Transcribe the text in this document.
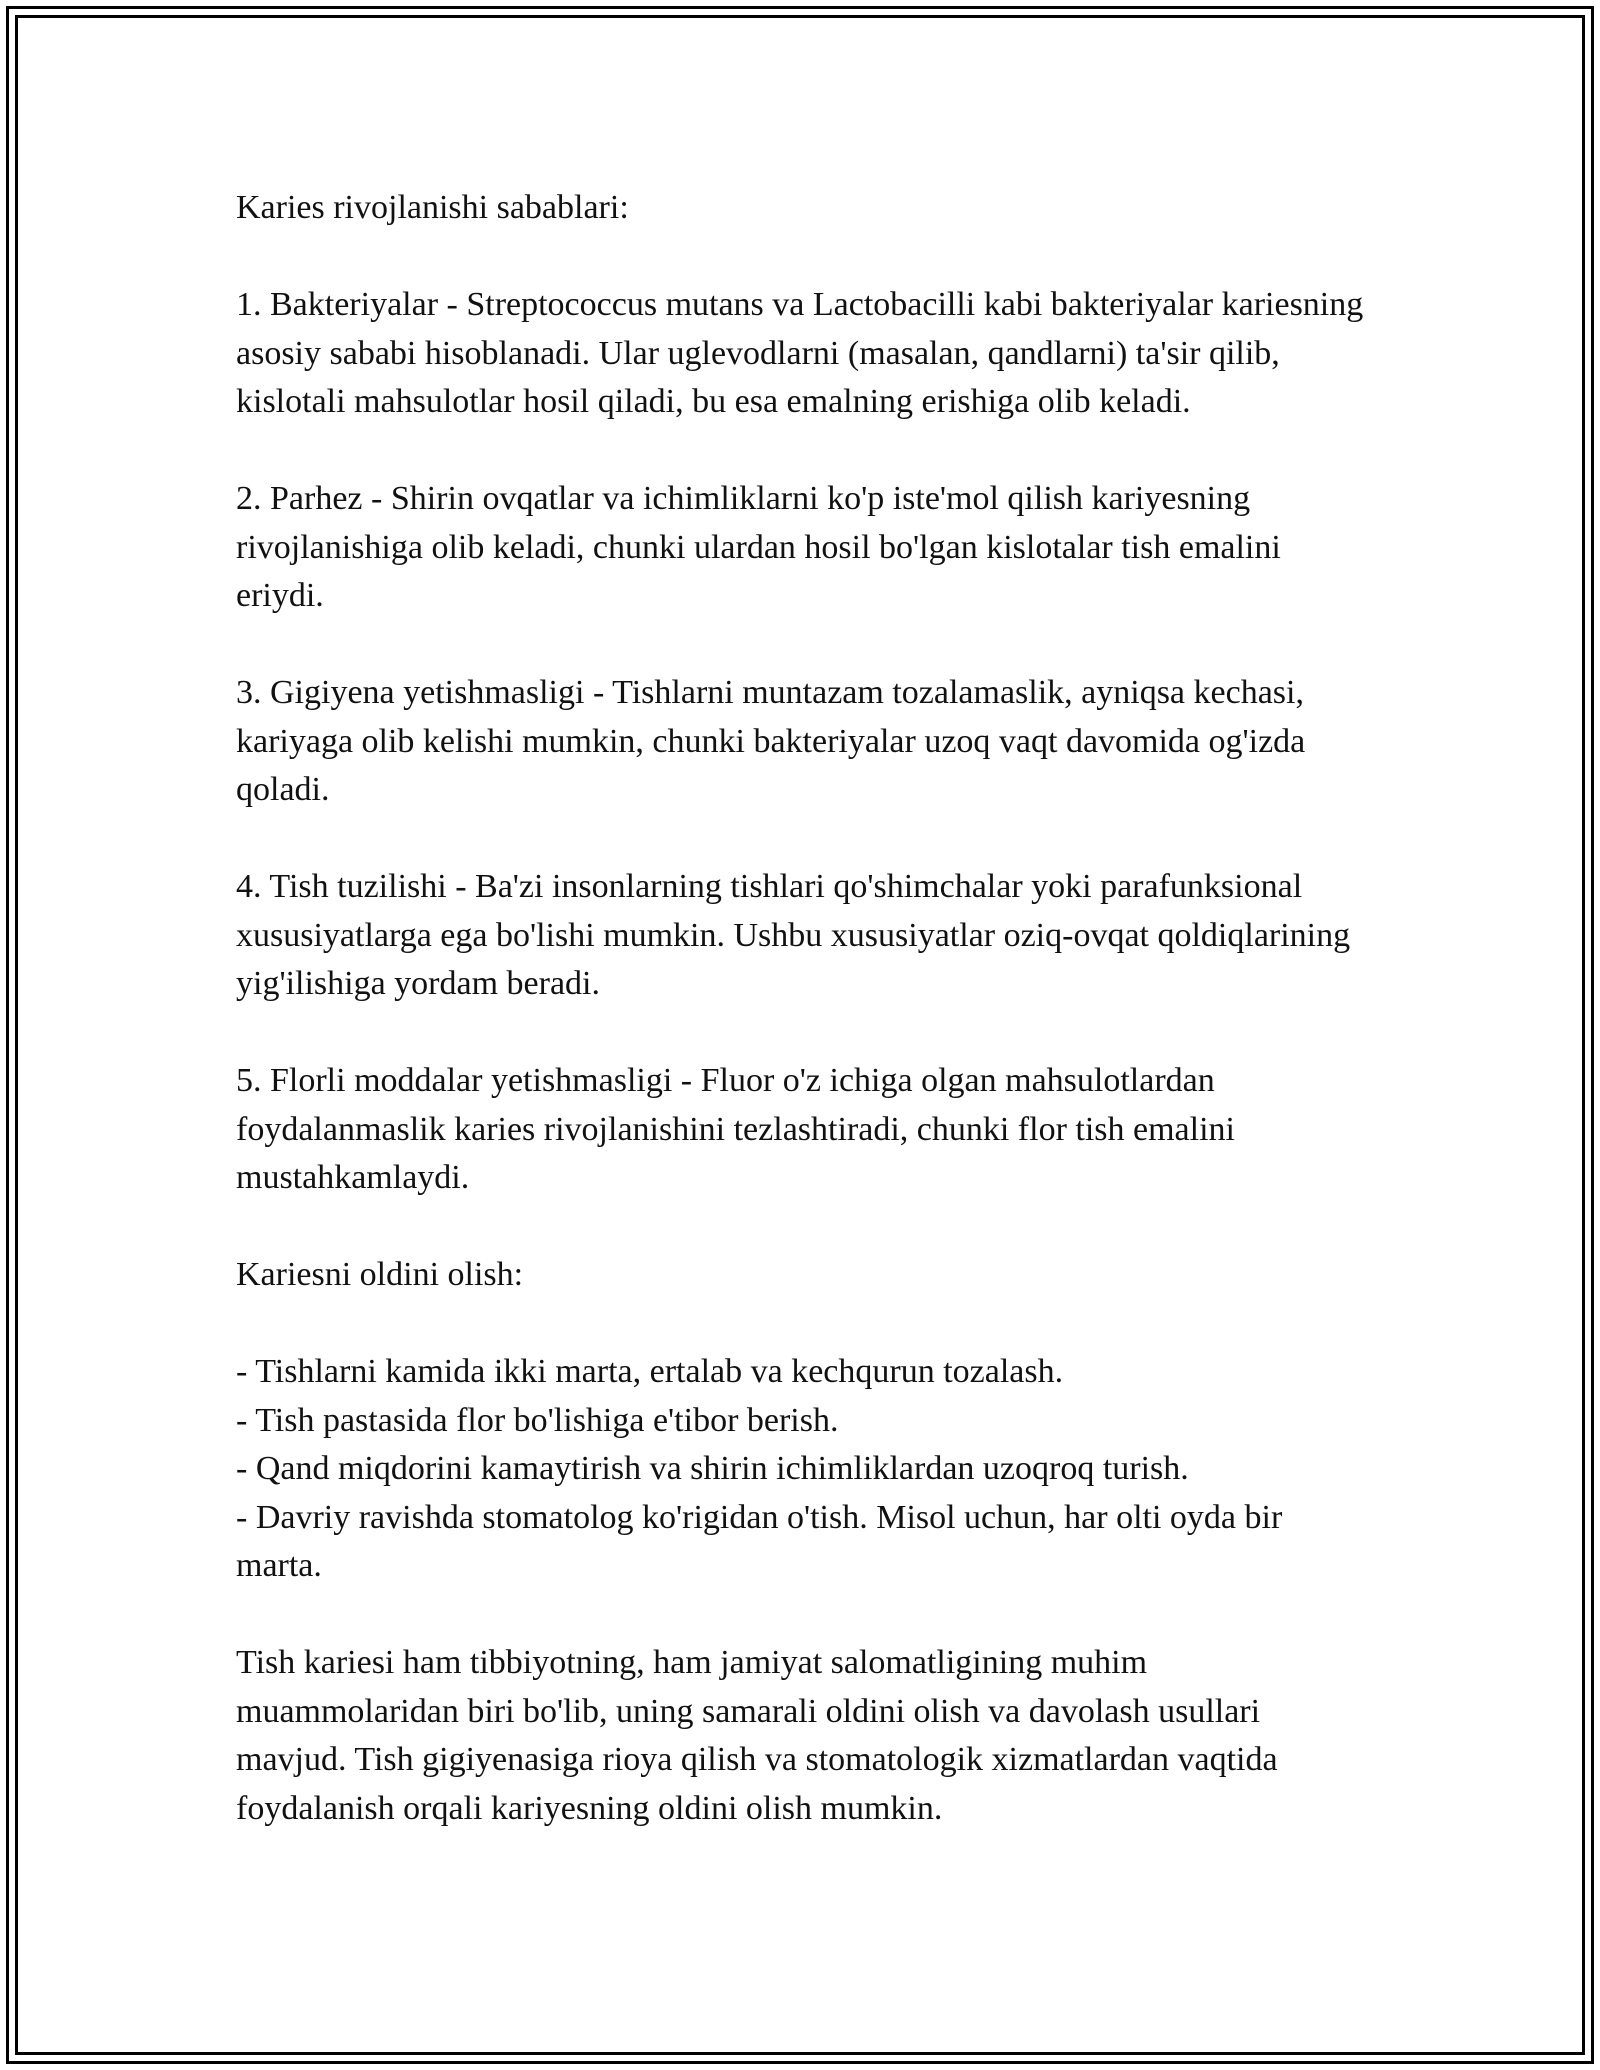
Karies rivojlanishi sabablari:

1. Bakteriyalar - Streptococcus mutans va Lactobacilli kabi bakteriyalar kariesning asosiy sababi hisoblanadi. Ular uglevodlarni (masalan, qandlarni) ta'sir qilib, kislotali mahsulotlar hosil qiladi, bu esa emalning erishiga olib keladi.

2. Parhez - Shirin ovqatlar va ichimliklarni ko'p iste'mol qilish kariyesning rivojlanishiga olib keladi, chunki ulardan hosil bo'lgan kislotalar tish emalini eriydi.

3. Gigiyena yetishmasligi - Tishlarni muntazam tozalamaslik, ayniqsa kechasi, kariyaga olib kelishi mumkin, chunki bakteriyalar uzoq vaqt davomida og'izda qoladi.

4. Tish tuzilishi - Ba'zi insonlarning tishlari qo'shimchalar yoki parafunksional xususiyatlarga ega bo'lishi mumkin. Ushbu xususiyatlar oziq-ovqat qoldiqlarining yig'ilishiga yordam beradi.

5. Florli moddalar yetishmasligi - Fluor o'z ichiga olgan mahsulotlardan foydalanmaslik karies rivojlanishini tezlashtiradi, chunki flor tish emalini mustahkamlaydi.

Kariesni oldini olish:

- Tishlarni kamida ikki marta, ertalab va kechqurun tozalash.
- Tish pastasida flor bo'lishiga e'tibor berish.
- Qand miqdorini kamaytirish va shirin ichimliklardan uzoqroq turish.
- Davriy ravishda stomatolog ko'rigidan o'tish. Misol uchun, har olti oyda bir marta.

Tish kariesi ham tibbiyotning, ham jamiyat salomatligining muhim muammolaridan biri bo'lib, uning samarali oldini olish va davolash usullari mavjud. Tish gigiyenasiga rioya qilish va stomatologik xizmatlardan vaqtida foydalanish orqali kariyesning oldini olish mumkin.
